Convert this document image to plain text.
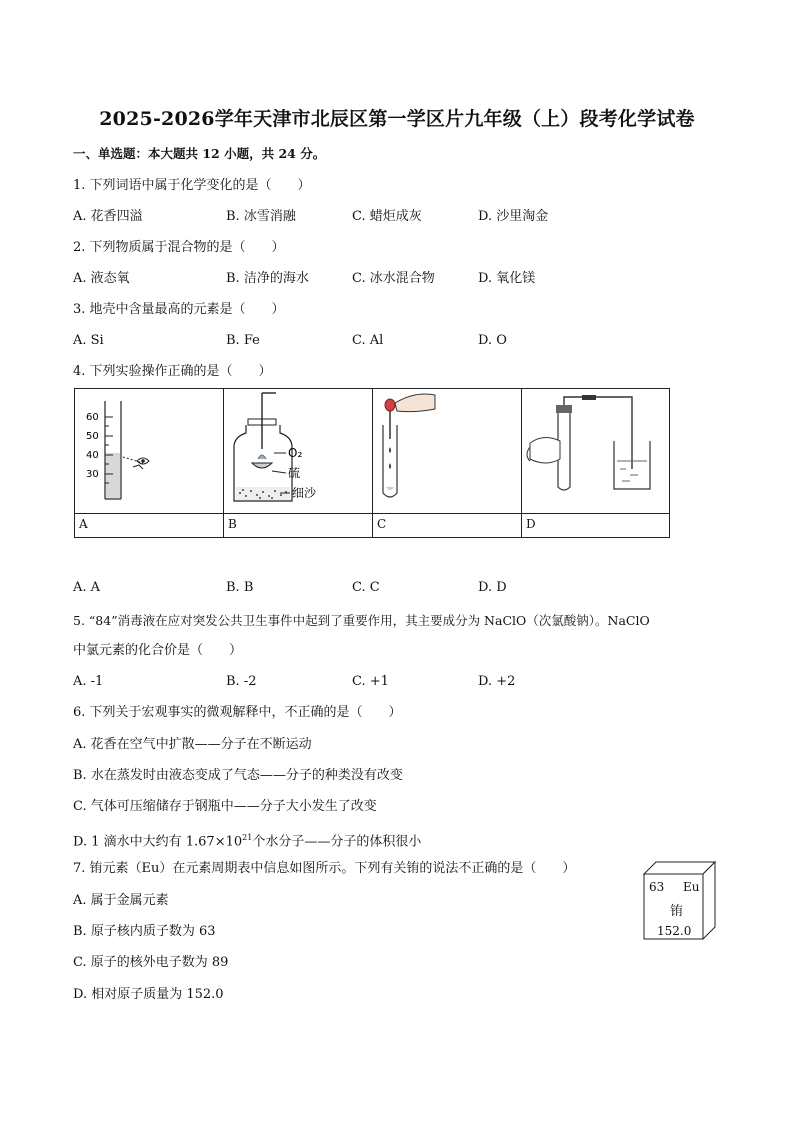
2025-2026学年天津市北辰区第一学区片九年级（上）段考化学试卷
一、单选题：本大题共 12 小题，共 24 分。
1. 下列词语中属于化学变化的是（　　）
A. 花香四溢	B. 冰雪消融	C. 蜡炬成灰	D. 沙里淘金
2. 下列物质属于混合物的是（　　）
A. 液态氧	B. 洁净的海水	C. 冰水混合物	D. 氧化镁
3. 地壳中含量最高的元素是（　　）
A. Si	B. Fe	C. Al	D. O
4. 下列实验操作正确的是（　　）
60
50
40
30
O₂
硫
细沙
A	B	C	D
A. A	B. B	C. C	D. D
5. “84”消毒液在应对突发公共卫生事件中起到了重要作用，其主要成分为 NaClO（次氯酸钠）。NaClO
中氯元素的化合价是（　　）
A. -1	B. -2	C. +1	D. +2
6. 下列关于宏观事实的微观解释中，不正确的是（　　）
A. 花香在空气中扩散——分子在不断运动
B. 水在蒸发时由液态变成了气态——分子的种类没有改变
C. 气体可压缩储存于钢瓶中——分子大小发生了改变
D. 1 滴水中大约有 $1.67\times 10^{21}$个水分子——分子的体积很小
7. 铕元素（Eu）在元素周期表中信息如图所示。下列有关铕的说法不正确的是（　　）
A. 属于金属元素
B. 原子核内质子数为 63
C. 原子的核外电子数为 89
D. 相对原子质量为 152.0
63 Eu
铕
152.0
